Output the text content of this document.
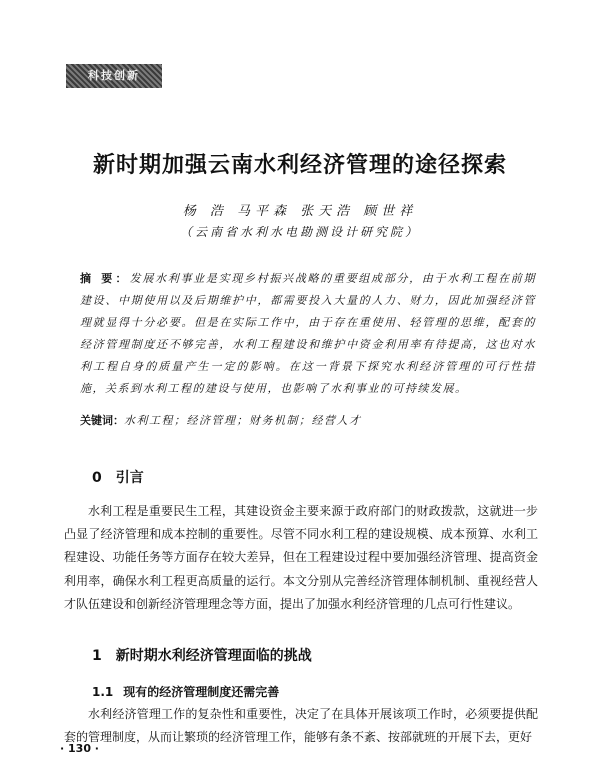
科技创新
新时期加强云南水利经济管理的途径探索
杨 浩 马平森 张天浩 顾世祥
（云南省水利水电勘测设计研究院）
摘 要：发展水利事业是实现乡村振兴战略的重要组成部分，由于水利工程在前期建设、中期使用以及后期维护中，都需要投入大量的人力、财力，因此加强经济管理就显得十分必要。但是在实际工作中，由于存在重使用、轻管理的思维，配套的经济管理制度还不够完善，水利工程建设和维护中资金利用率有待提高，这也对水利工程自身的质量产生一定的影响。在这一背景下探究水利经济管理的可行性措施，关系到水利工程的建设与使用，也影响了水利事业的可持续发展。
关键词：水利工程；经济管理；财务机制；经营人才
0 引言
水利工程是重要民生工程，其建设资金主要来源于政府部门的财政拨款，这就进一步凸显了经济管理和成本控制的重要性。尽管不同水利工程的建设规模、成本预算、水利工程建设、功能任务等方面存在较大差异，但在工程建设过程中要加强经济管理、提高资金利用率，确保水利工程更高质量的运行。本文分别从完善经济管理体制机制、重视经营人才队伍建设和创新经济管理理念等方面，提出了加强水利经济管理的几点可行性建议。
1 新时期水利经济管理面临的挑战
1.1 现有的经济管理制度还需完善
水利经济管理工作的复杂性和重要性，决定了在具体开展该项工作时，必须要提供配套的管理制度，从而让繁琐的经济管理工作，能够有条不紊、按部就班的开展下去，更好
· 130 ·
